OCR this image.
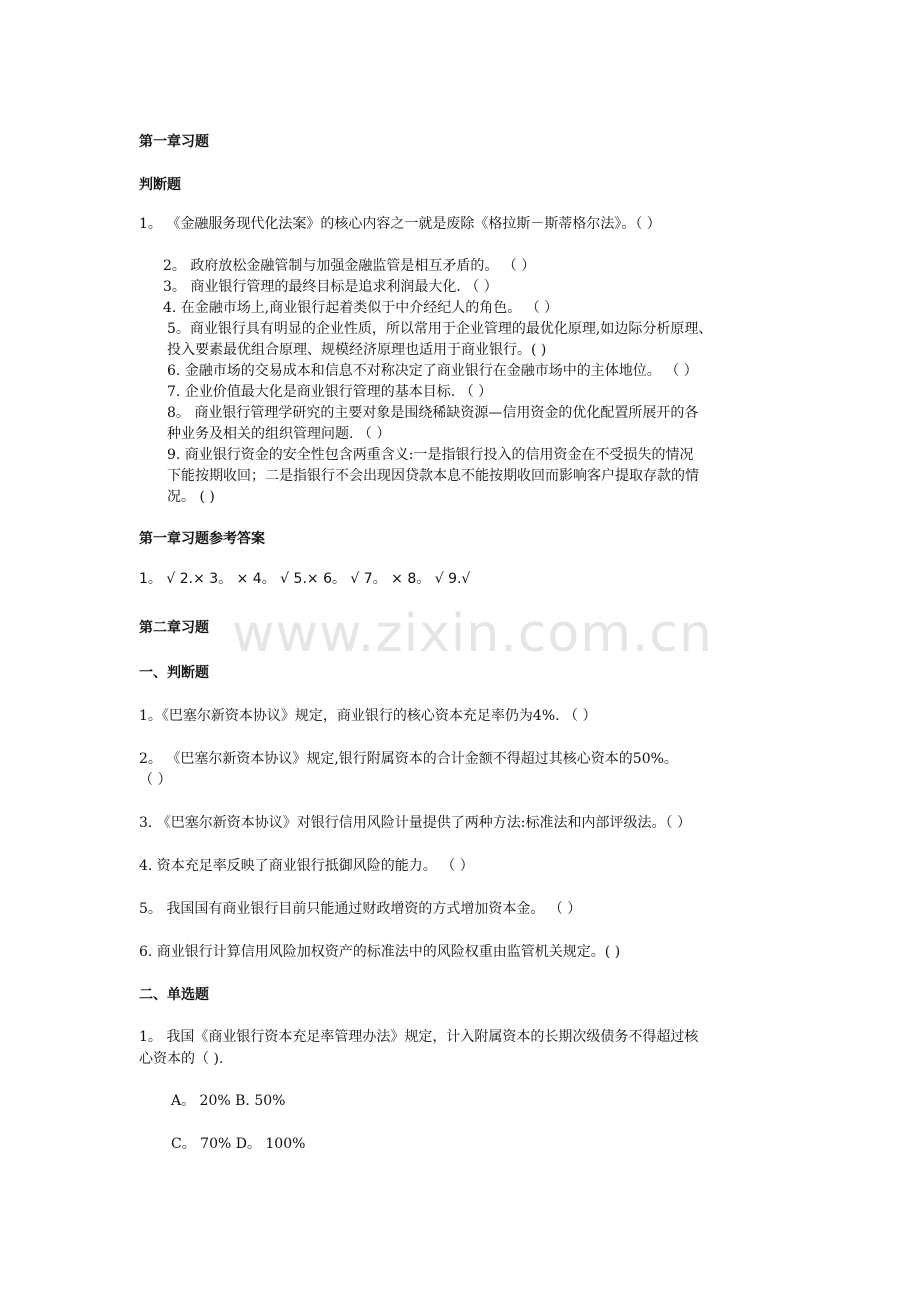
www.zixin.com.cn

第一章习题

判断题

1。 《金融服务现代化法案》的核心内容之一就是废除《格拉斯－斯蒂格尔法》。（ ）

2。 政府放松金融管制与加强金融监管是相互矛盾的。 （ ）

3。 商业银行管理的最终目标是追求利润最大化. （ ）

4. 在金融市场上,商业银行起着类似于中介经纪人的角色。 （ ）

5。商业银行具有明显的企业性质，所以常用于企业管理的最优化原理,如边际分析原理、

投入要素最优组合原理、规模经济原理也适用于商业银行。( )

6. 金融市场的交易成本和信息不对称决定了商业银行在金融市场中的主体地位。 （ ）

7. 企业价值最大化是商业银行管理的基本目标. （ ）

8。 商业银行管理学研究的主要对象是围绕稀缺资源—信用资金的优化配置所展开的各

种业务及相关的组织管理问题. （ ）

9. 商业银行资金的安全性包含两重含义:一是指银行投入的信用资金在不受损失的情况

下能按期收回；二是指银行不会出现因贷款本息不能按期收回而影响客户提取存款的情

况。 ( )

第一章习题参考答案

1。 √ 2.× 3。 × 4。 √ 5.× 6。 √ 7。 × 8。 √ 9.√

第二章习题

一、判断题

1。《巴塞尔新资本协议》规定，商业银行的核心资本充足率仍为4%. （ ）

2。 《巴塞尔新资本协议》规定,银行附属资本的合计金额不得超过其核心资本的50%。

（ ）

3. 《巴塞尔新资本协议》对银行信用风险计量提供了两种方法:标准法和内部评级法。（ ）

4. 资本充足率反映了商业银行抵御风险的能力。 （ ）

5。 我国国有商业银行目前只能通过财政增资的方式增加资本金。 （ ）

6. 商业银行计算信用风险加权资产的标准法中的风险权重由监管机关规定。( )

二、单选题

1。 我国《商业银行资本充足率管理办法》规定，计入附属资本的长期次级债务不得超过核

心资本的（ ).

A。 20% B. 50%

C。 70% D。 100%
